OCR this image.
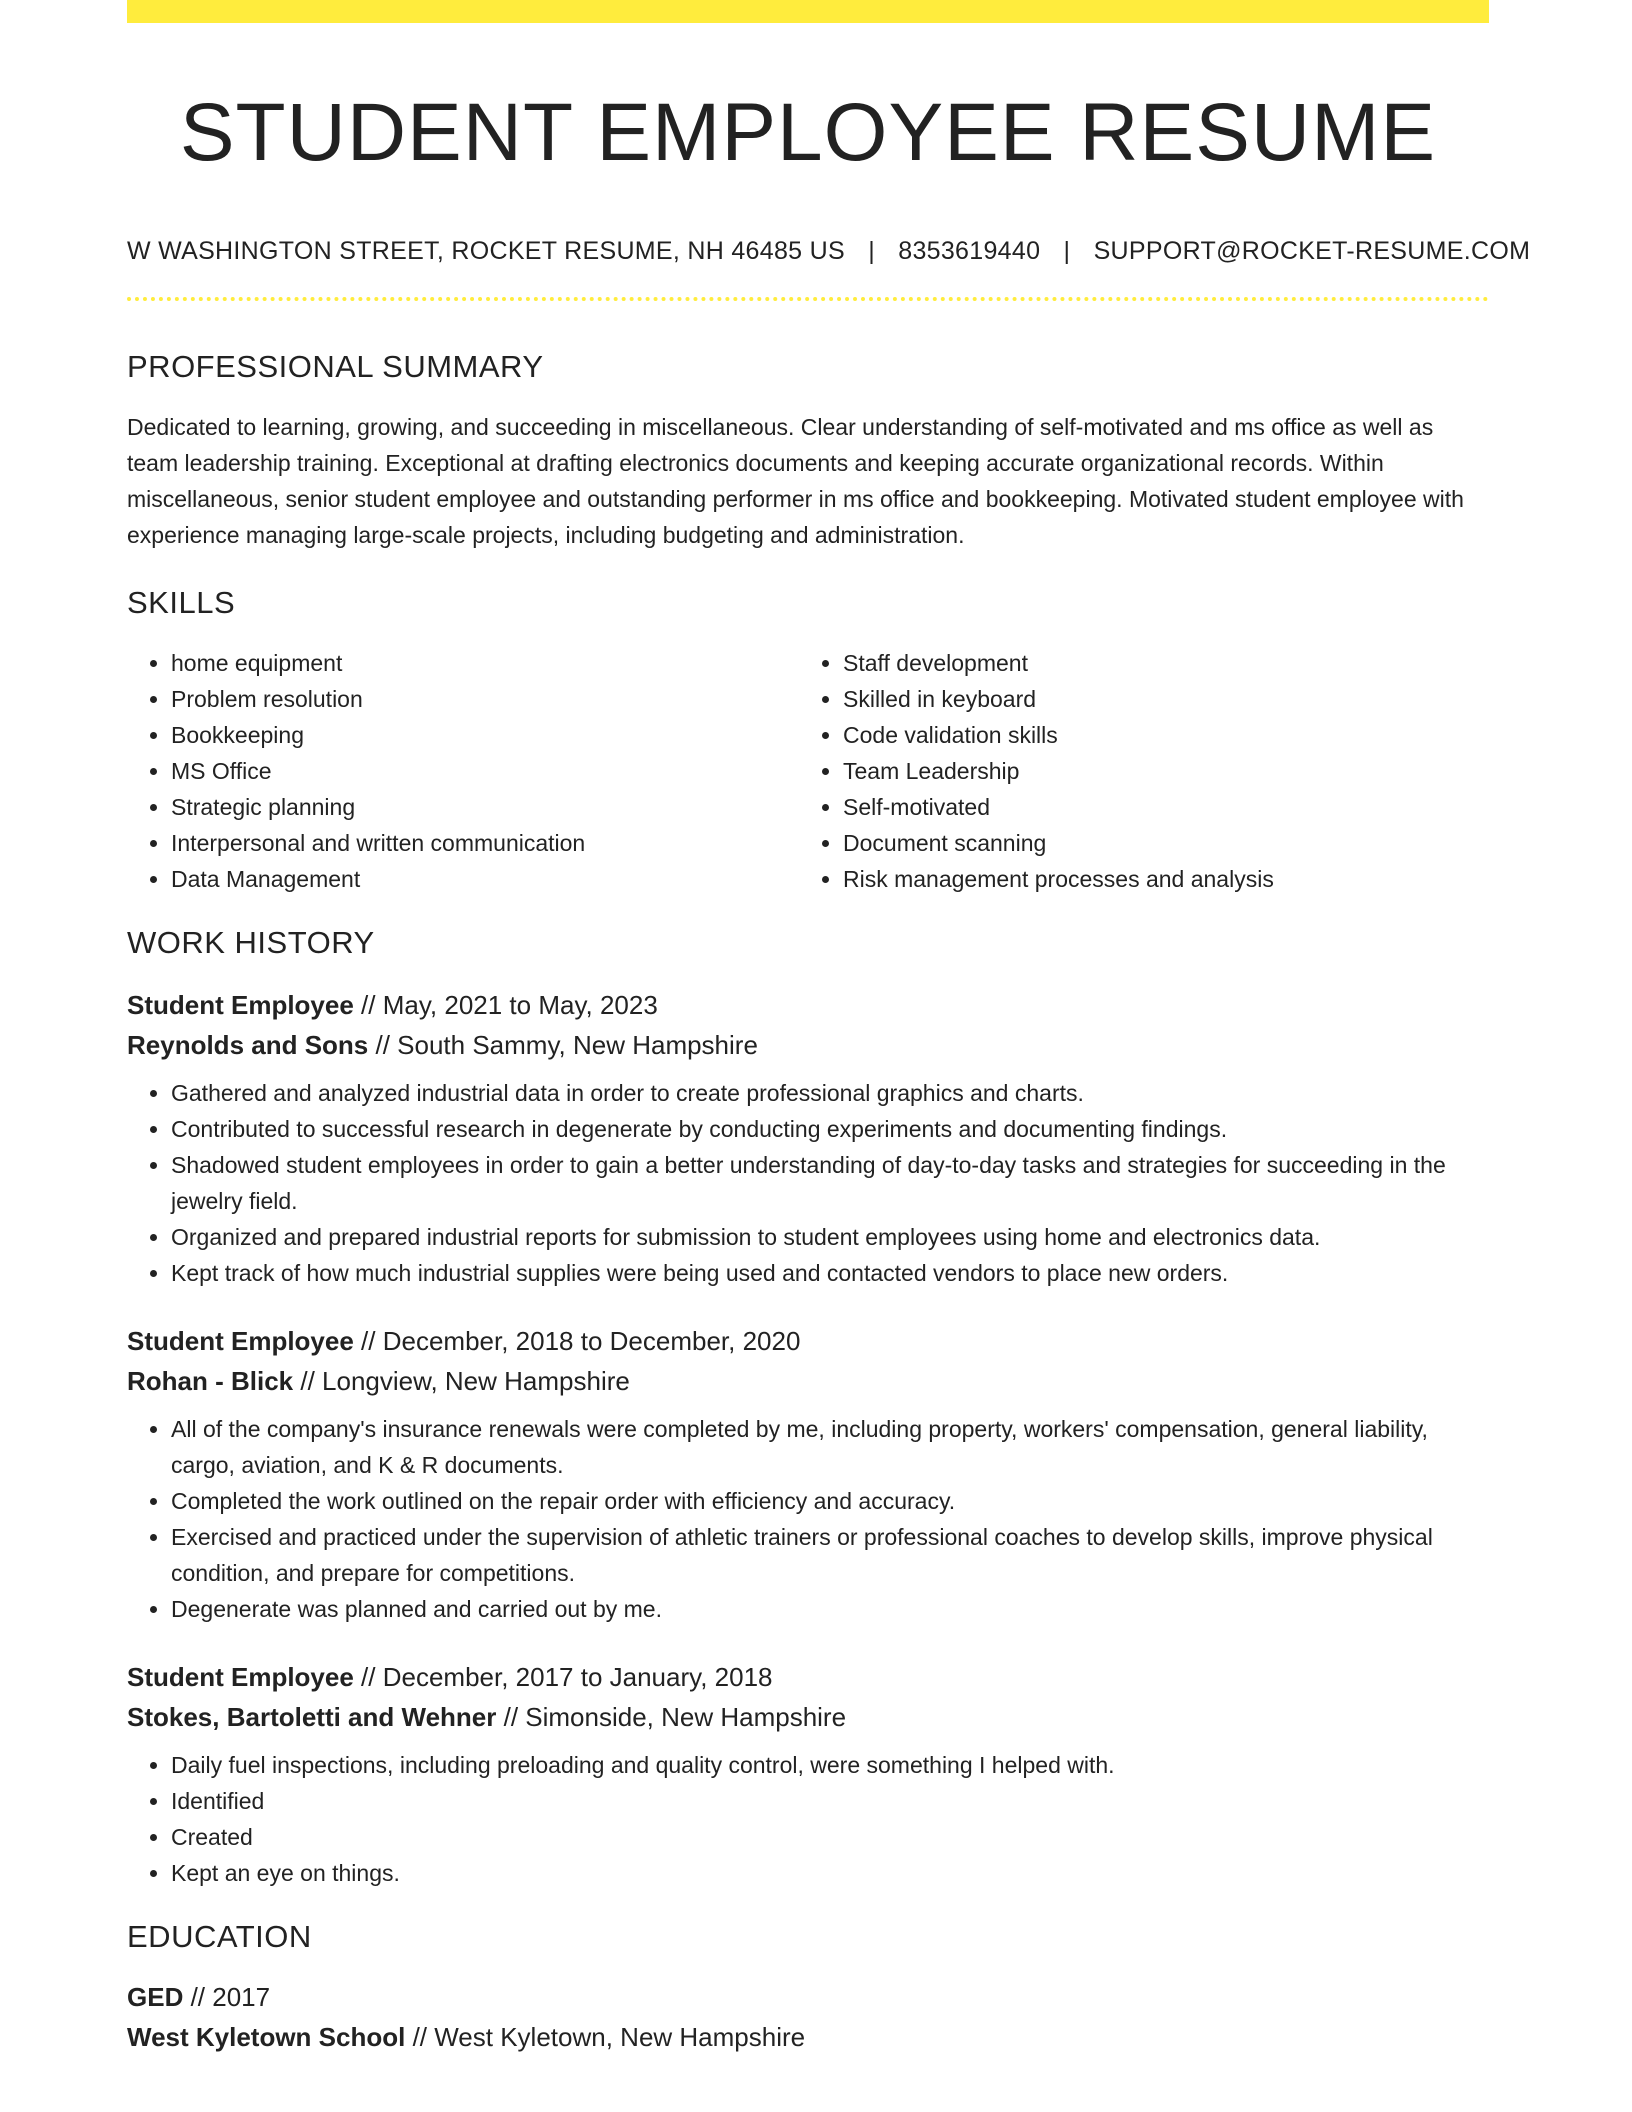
STUDENT EMPLOYEE RESUME
W WASHINGTON STREET, ROCKET RESUME, NH 46485 US | 8353619440 | SUPPORT@ROCKET-RESUME.COM
PROFESSIONAL SUMMARY

Dedicated to learning, growing, and succeeding in miscellaneous. Clear understanding of self-motivated and ms office as well as team leadership training. Exceptional at drafting electronics documents and keeping accurate organizational records. Within miscellaneous, senior student employee and outstanding performer in ms office and bookkeeping. Motivated student employee with experience managing large-scale projects, including budgeting and administration.

SKILLS
• home equipment
• Problem resolution
• Bookkeeping
• MS Office
• Strategic planning
• Interpersonal and written communication
• Data Management
• Staff development
• Skilled in keyboard
• Code validation skills
• Team Leadership
• Self-motivated
• Document scanning
• Risk management processes and analysis
WORK HISTORY
Student Employee // May, 2021 to May, 2023
Reynolds and Sons // South Sammy, New Hampshire
• Gathered and analyzed industrial data in order to create professional graphics and charts.
• Contributed to successful research in degenerate by conducting experiments and documenting findings.
• Shadowed student employees in order to gain a better understanding of day-to-day tasks and strategies for succeeding in the jewelry field.
• Organized and prepared industrial reports for submission to student employees using home and electronics data.
• Kept track of how much industrial supplies were being used and contacted vendors to place new orders.
Student Employee // December, 2018 to December, 2020
Rohan - Blick // Longview, New Hampshire
• All of the company's insurance renewals were completed by me, including property, workers' compensation, general liability, cargo, aviation, and K & R documents.
• Completed the work outlined on the repair order with efficiency and accuracy.
• Exercised and practiced under the supervision of athletic trainers or professional coaches to develop skills, improve physical condition, and prepare for competitions.
• Degenerate was planned and carried out by me.
Student Employee // December, 2017 to January, 2018
Stokes, Bartoletti and Wehner // Simonside, New Hampshire
• Daily fuel inspections, including preloading and quality control, were something I helped with.
• Identified
• Created
• Kept an eye on things.
EDUCATION
GED // 2017
West Kyletown School // West Kyletown, New Hampshire
